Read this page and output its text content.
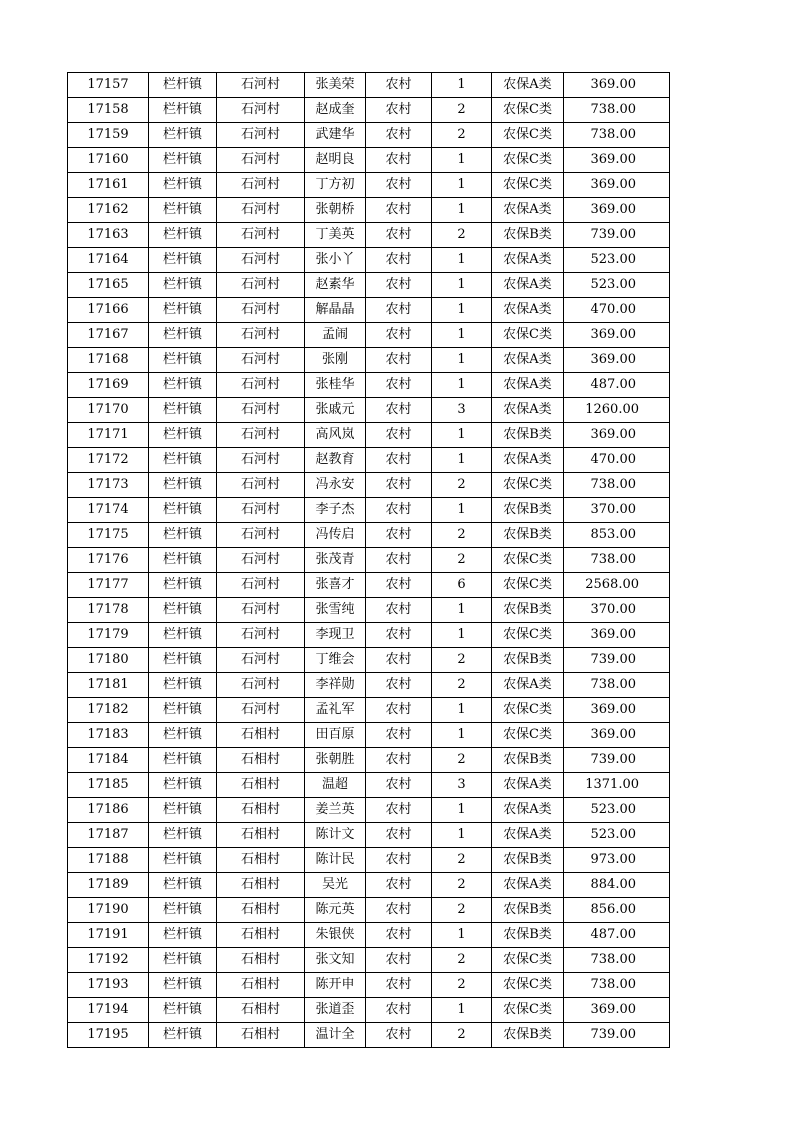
17157	栏杆镇	石河村	张美荣	农村	1	农保A类	369.00
17158	栏杆镇	石河村	赵成奎	农村	2	农保C类	738.00
17159	栏杆镇	石河村	武建华	农村	2	农保C类	738.00
17160	栏杆镇	石河村	赵明良	农村	1	农保C类	369.00
17161	栏杆镇	石河村	丁方初	农村	1	农保C类	369.00
17162	栏杆镇	石河村	张朝桥	农村	1	农保A类	369.00
17163	栏杆镇	石河村	丁美英	农村	2	农保B类	739.00
17164	栏杆镇	石河村	张小丫	农村	1	农保A类	523.00
17165	栏杆镇	石河村	赵素华	农村	1	农保A类	523.00
17166	栏杆镇	石河村	解晶晶	农村	1	农保A类	470.00
17167	栏杆镇	石河村	孟闹	农村	1	农保C类	369.00
17168	栏杆镇	石河村	张刚	农村	1	农保A类	369.00
17169	栏杆镇	石河村	张桂华	农村	1	农保A类	487.00
17170	栏杆镇	石河村	张戚元	农村	3	农保A类	1260.00
17171	栏杆镇	石河村	高风岚	农村	1	农保B类	369.00
17172	栏杆镇	石河村	赵教育	农村	1	农保A类	470.00
17173	栏杆镇	石河村	冯永安	农村	2	农保C类	738.00
17174	栏杆镇	石河村	李子杰	农村	1	农保B类	370.00
17175	栏杆镇	石河村	冯传启	农村	2	农保B类	853.00
17176	栏杆镇	石河村	张茂青	农村	2	农保C类	738.00
17177	栏杆镇	石河村	张喜才	农村	6	农保C类	2568.00
17178	栏杆镇	石河村	张雪纯	农村	1	农保B类	370.00
17179	栏杆镇	石河村	李现卫	农村	1	农保C类	369.00
17180	栏杆镇	石河村	丁维会	农村	2	农保B类	739.00
17181	栏杆镇	石河村	李祥勋	农村	2	农保A类	738.00
17182	栏杆镇	石河村	孟礼军	农村	1	农保C类	369.00
17183	栏杆镇	石相村	田百原	农村	1	农保C类	369.00
17184	栏杆镇	石相村	张朝胜	农村	2	农保B类	739.00
17185	栏杆镇	石相村	温超	农村	3	农保A类	1371.00
17186	栏杆镇	石相村	姜兰英	农村	1	农保A类	523.00
17187	栏杆镇	石相村	陈计文	农村	1	农保A类	523.00
17188	栏杆镇	石相村	陈计民	农村	2	农保B类	973.00
17189	栏杆镇	石相村	吴光	农村	2	农保A类	884.00
17190	栏杆镇	石相村	陈元英	农村	2	农保B类	856.00
17191	栏杆镇	石相村	朱银侠	农村	1	农保B类	487.00
17192	栏杆镇	石相村	张文知	农村	2	农保C类	738.00
17193	栏杆镇	石相村	陈开申	农村	2	农保C类	738.00
17194	栏杆镇	石相村	张道歪	农村	1	农保C类	369.00
17195	栏杆镇	石相村	温计全	农村	2	农保B类	739.00
